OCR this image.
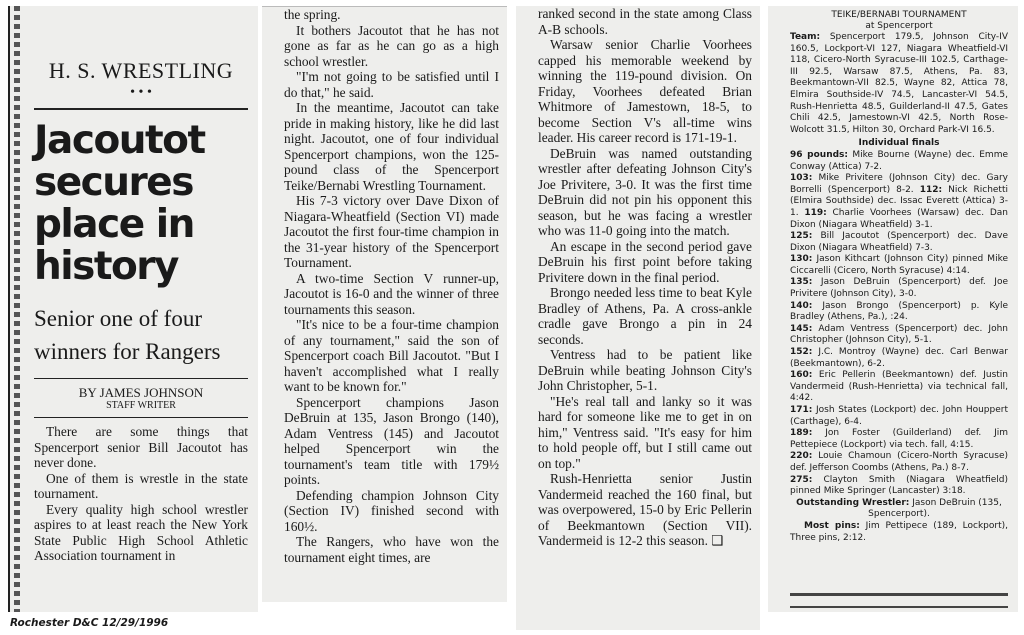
H. S. WRESTLING
• • •
Jacoutot secures place in history
Senior one of four winners for Rangers
BY JAMES JOHNSON
STAFF WRITER

There are some things that Spencerport senior Bill Jacoutot has never done.

One of them is wrestle in the state tournament.

Every quality high school wrestler aspires to at least reach the New York State Public High School Athletic Association tournament in

the spring.

It bothers Jacoutot that he has not gone as far as he can go as a high school wrestler.

"I'm not going to be satisfied until I do that," he said.

In the meantime, Jacoutot can take pride in making history, like he did last night. Jacoutot, one of four individual Spencerport champions, won the 125-pound class of the Spencerport Teike/Bernabi Wrestling Tournament.

His 7-3 victory over Dave Dixon of Niagara-Wheatfield (Section VI) made Jacoutot the first four-time champion in the 31-year history of the Spencerport Tournament.

A two-time Section V runner-up, Jacoutot is 16-0 and the winner of three tournaments this season.

"It's nice to be a four-time champion of any tournament," said the son of Spencerport coach Bill Jacoutot. "But I haven't accomplished what I really want to be known for."

Spencerport champions Jason DeBruin at 135, Jason Brongo (140), Adam Ventress (145) and Jacoutot helped Spencerport win the tournament's team title with 179½ points.

Defending champion Johnson City (Section IV) finished second with 160½.

The Rangers, who have won the tournament eight times, are

ranked second in the state among Class A-B schools.

Warsaw senior Charlie Voorhees capped his memorable weekend by winning the 119-pound division. On Friday, Voorhees defeated Brian Whitmore of Jamestown, 18-5, to become Section V's all-time wins leader. His career record is 171-19-1.

DeBruin was named outstanding wrestler after defeating Johnson City's Joe Privitere, 3-0. It was the first time DeBruin did not pin his opponent this season, but he was facing a wrestler who was 11-0 going into the match.

An escape in the second period gave DeBruin his first point before taking Privitere down in the final period.

Brongo needed less time to beat Kyle Bradley of Athens, Pa. A cross-ankle cradle gave Brongo a pin in 24 seconds.

Ventress had to be patient like DeBruin while beating Johnson City's John Christopher, 5-1.

"He's real tall and lanky so it was hard for someone like me to get in on him," Ventress said. "It's easy for him to hold people off, but I still came out on top."

Rush-Henrietta senior Justin Vandermeid reached the 160 final, but was overpowered, 15-0 by Eric Pellerin of Beekmantown (Section VII). Vandermeid is 12-2 this season. ❑

TEIKE/BERNABI TOURNAMENT
at Spencerport

Team: Spencerport 179.5, Johnson City-IV 160.5, Lockport-VI 127, Niagara Wheatfield-VI 118, Cicero-North Syracuse-III 102.5, Carthage-III 92.5, Warsaw 87.5, Athens, Pa. 83, Beekmantown-VII 82.5, Wayne 82, Attica 78, Elmira Southside-IV 74.5, Lancaster-VI 54.5, Rush-Henrietta 48.5, Guilderland-II 47.5, Gates Chili 42.5, Jamestown-VI 42.5, North Rose-Wolcott 31.5, Hilton 30, Orchard Park-VI 16.5.

Individual finals

96 pounds: Mike Bourne (Wayne) dec. Emme Conway (Attica) 7-2.

103: Mike Privitere (Johnson City) dec. Gary Borrelli (Spencerport) 8-2. 112: Nick Richetti (Elmira Southside) dec. Issac Everett (Attica) 3-1. 119: Charlie Voorhees (Warsaw) dec. Dan Dixon (Niagara Wheatfield) 3-1.

125: Bill Jacoutot (Spencerport) dec. Dave Dixon (Niagara Wheatfield) 7-3.

130: Jason Kithcart (Johnson City) pinned Mike Ciccarelli (Cicero, North Syracuse) 4:14.

135: Jason DeBruin (Spencerport) def. Joe Privitere (Johnson City), 3-0.

140: Jason Brongo (Spencerport) p. Kyle Bradley (Athens, Pa.), :24.

145: Adam Ventress (Spencerport) dec. John Christopher (Johnson City), 5-1.

152: J.C. Montroy (Wayne) dec. Carl Benwar (Beekmantown), 6-2.

160: Eric Pellerin (Beekmantown) def. Justin Vandermeid (Rush-Henrietta) via technical fall, 4:42.

171: Josh States (Lockport) dec. John Houppert (Carthage), 6-4.

189: Jon Foster (Guilderland) def. Jim Pettepiece (Lockport) via tech. fall, 4:15.

220: Louie Chamoun (Cicero-North Syracuse) def. Jefferson Coombs (Athens, Pa.) 8-7.

275: Clayton Smith (Niagara Wheatfield) pinned Mike Springer (Lancaster) 3:18.

Outstanding Wrestler: Jason DeBruin (135, Spencerport).

Most pins: Jim Pettipece (189, Lockport), Three pins, 2:12.

Rochester D&C 12/29/1996
